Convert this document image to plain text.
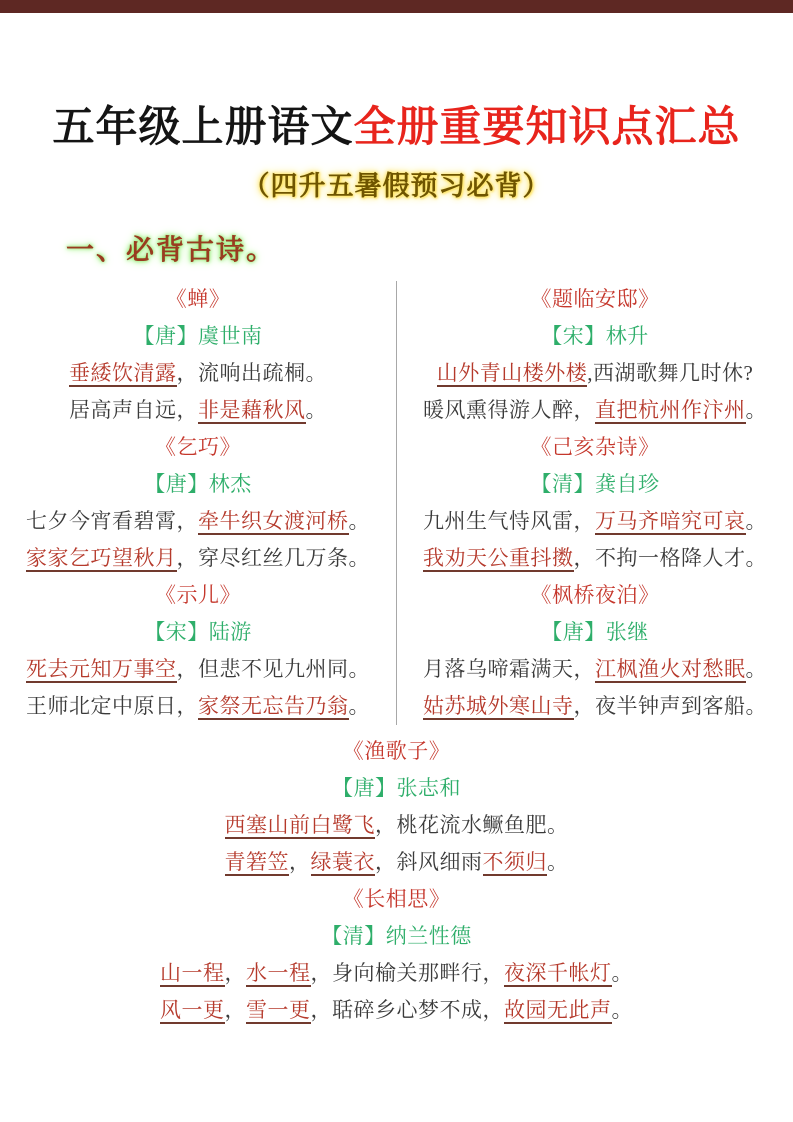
五年级上册语文全册重要知识点汇总
（四升五暑假预习必背）
一、必背古诗。
《蝉》
【唐】虞世南
垂緌饮清露，流响出疏桐。
居高声自远，非是藉秋风。
《乞巧》
【唐】林杰
七夕今宵看碧霄，牵牛织女渡河桥。
家家乞巧望秋月，穿尽红丝几万条。
《示儿》
【宋】陆游
死去元知万事空，但悲不见九州同。
王师北定中原日，家祭无忘告乃翁。
《题临安邸》
【宋】林升
山外青山楼外楼,西湖歌舞几时休?
暖风熏得游人醉，直把杭州作汴州。
《己亥杂诗》
【清】龚自珍
九州生气恃风雷，万马齐喑究可哀。
我劝天公重抖擞，不拘一格降人才。
《枫桥夜泊》
【唐】张继
月落乌啼霜满天，江枫渔火对愁眠。
姑苏城外寒山寺，夜半钟声到客船。
《渔歌子》
【唐】张志和
西塞山前白鹭飞，桃花流水鳜鱼肥。
青箬笠，绿蓑衣，斜风细雨不须归。
《长相思》
【清】纳兰性德
山一程，水一程，身向榆关那畔行，夜深千帐灯。
风一更，雪一更，聒碎乡心梦不成，故园无此声。
